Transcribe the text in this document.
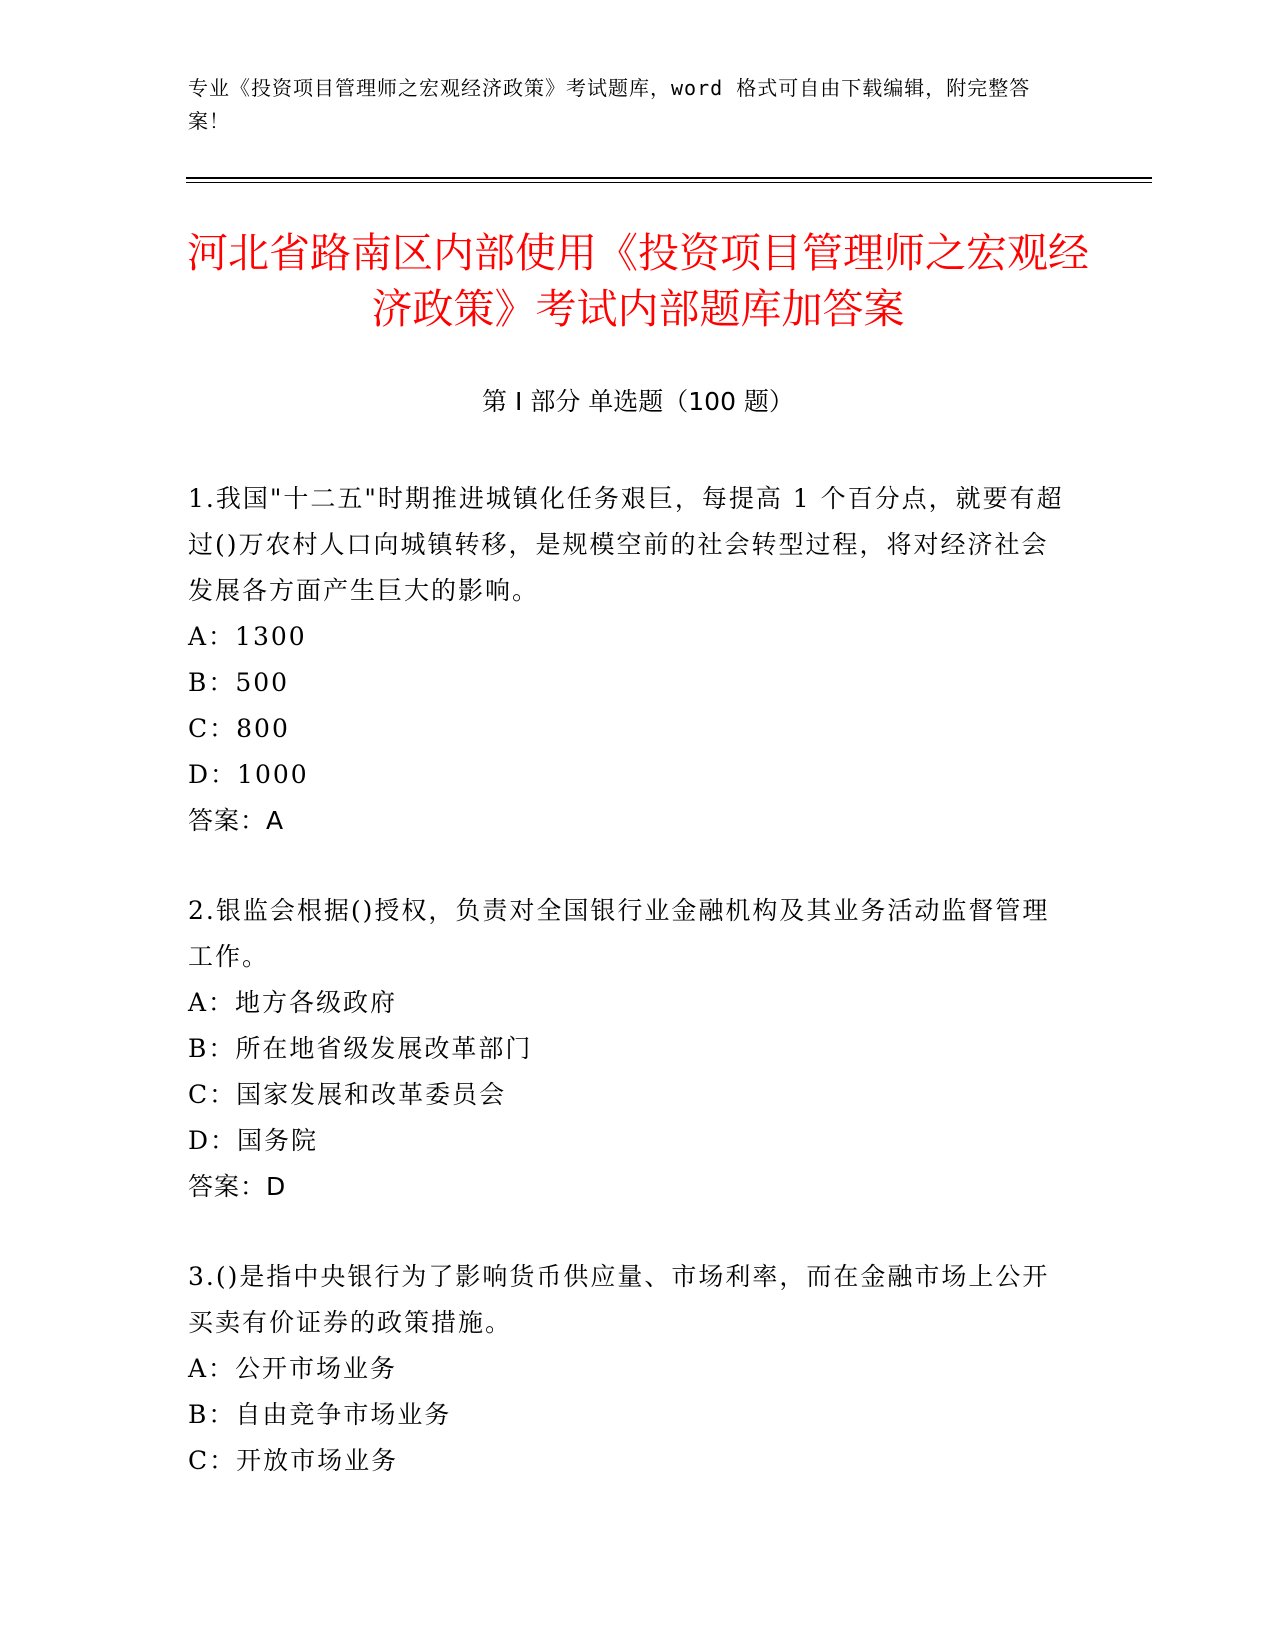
专业《投资项目管理师之宏观经济政策》考试题库，word 格式可自由下载编辑，附完整答案！
河北省路南区内部使用《投资项目管理师之宏观经济政策》考试内部题库加答案
第 I 部分 单选题（100 题）

1.我国"十二五"时期推进城镇化任务艰巨，每提高 1 个百分点，就要有超过()万农村人口向城镇转移，是规模空前的社会转型过程，将对经济社会发展各方面产生巨大的影响。

A：1300

B：500

C：800

D：1000

答案：A

2.银监会根据()授权，负责对全国银行业金融机构及其业务活动监督管理工作。

A：地方各级政府

B：所在地省级发展改革部门

C：国家发展和改革委员会

D：国务院

答案：D

3.()是指中央银行为了影响货币供应量、市场利率，而在金融市场上公开买卖有价证券的政策措施。

A：公开市场业务

B：自由竞争市场业务

C：开放市场业务
